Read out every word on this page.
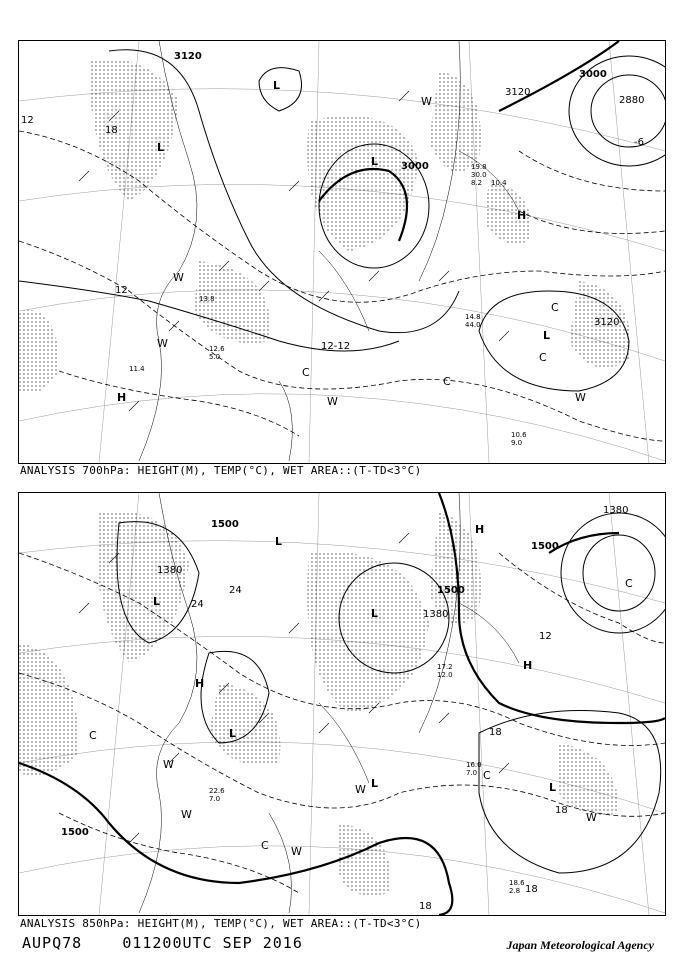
3120
3000
3000
2880
3120
3120
12
18
12
12-12
-6
L
L
L
L
H
H
C
C
C
C
W
W
W
W
W
10.6
9.0
14.8
44.0
11.4
13.8
12.6
5.0
8.2 10.4
19.8
30.0
ANALYSIS 700hPa: HEIGHT(M), TEMP(°C), WET AREA::(T-TD<3°C)
1500
1500
1380
1380
1500
1500
1380
24
24
12
18
18
18
18
L
L
L
L
L	L
H
H
H
C
C
C
C
W
W
W
W
W
16.0
7.0
18.6
2.8
17.2
12.0
22.6
7.0
ANALYSIS 850hPa: HEIGHT(M), TEMP(°C), WET AREA::(T-TD<3°C)
AUPQ78	011200UTC SEP 2016	Japan Meteorological Agency
